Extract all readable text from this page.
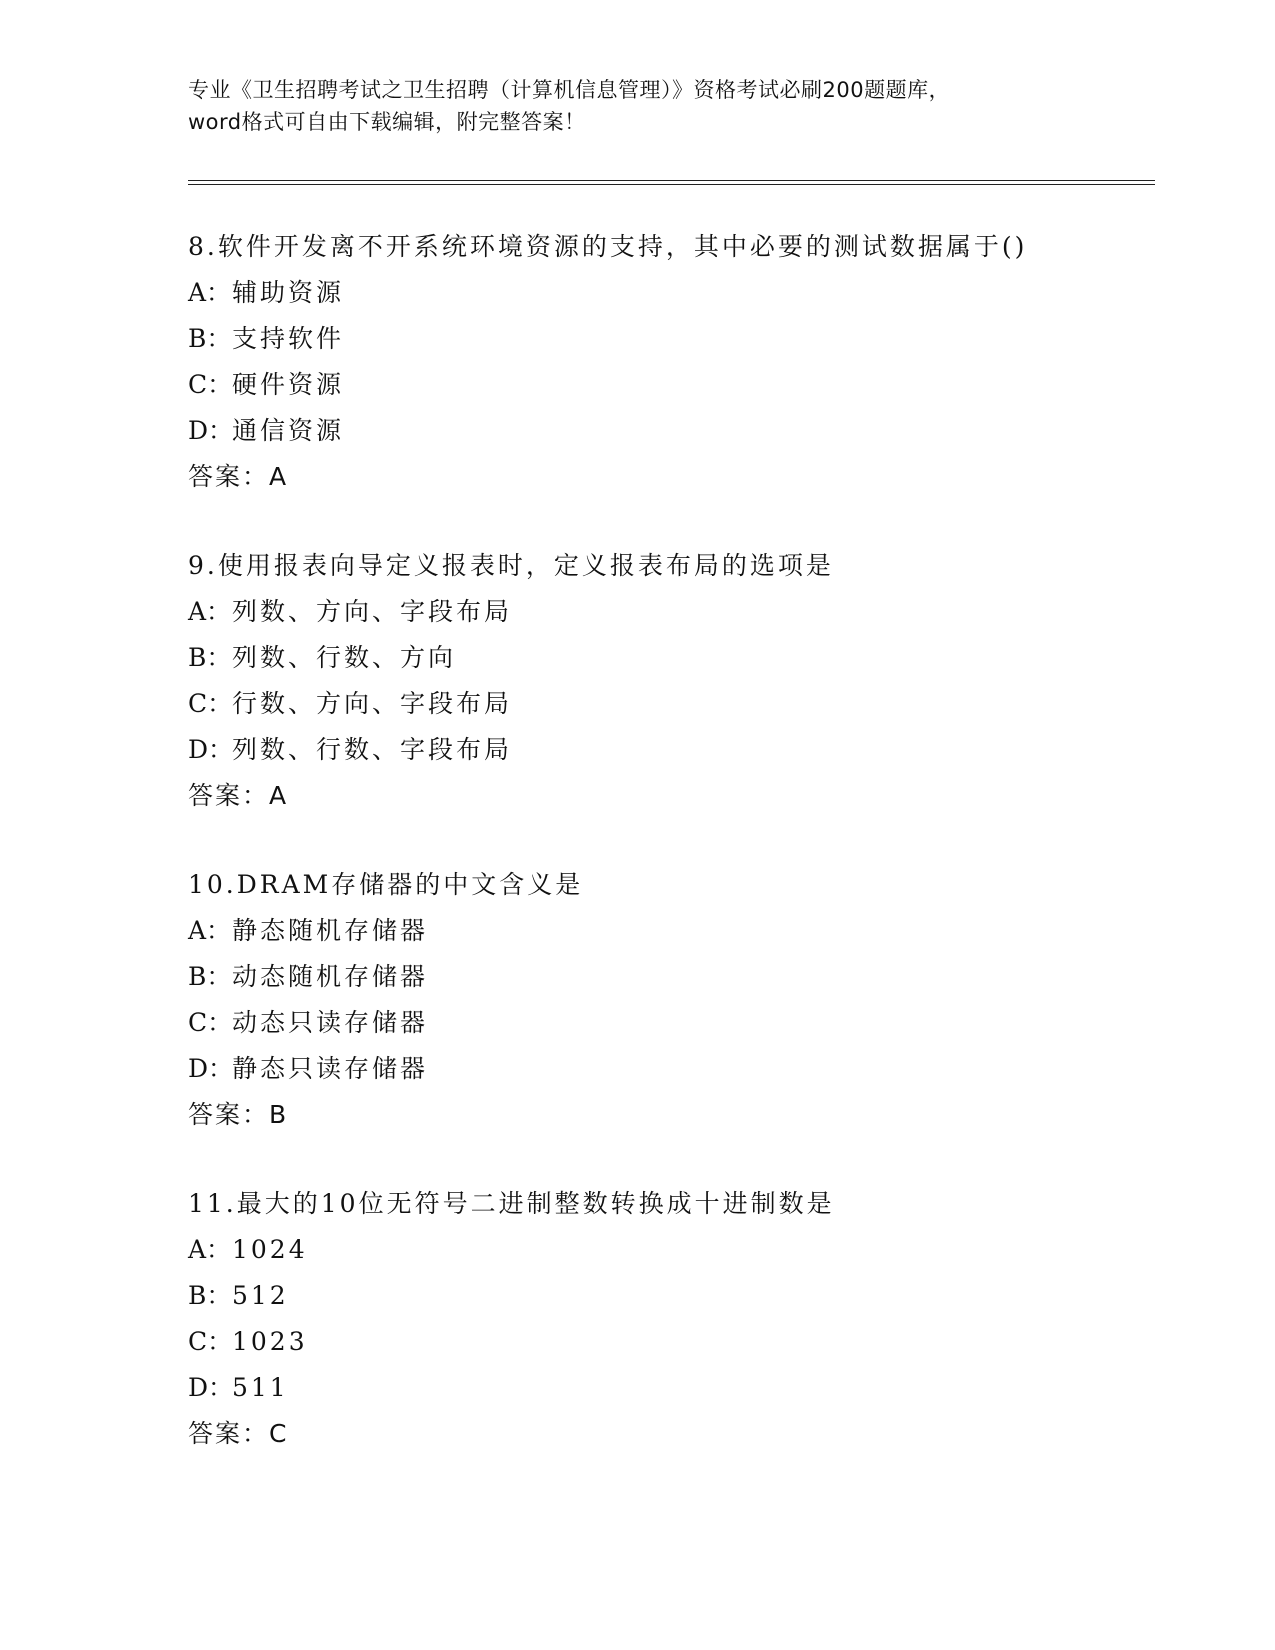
专业《卫生招聘考试之卫生招聘（计算机信息管理）》资格考试必刷200题题库，
word格式可自由下载编辑，附完整答案！
8.软件开发离不开系统环境资源的支持，其中必要的测试数据属于()
A：辅助资源
B：支持软件
C：硬件资源
D：通信资源
答案：A
9.使用报表向导定义报表时，定义报表布局的选项是
A：列数、方向、字段布局
B：列数、行数、方向
C：行数、方向、字段布局
D：列数、行数、字段布局
答案：A
10.DRAM存储器的中文含义是
A：静态随机存储器
B：动态随机存储器
C：动态只读存储器
D：静态只读存储器
答案：B
11.最大的10位无符号二进制整数转换成十进制数是
A：1024
B：512
C：1023
D：511
答案：C
